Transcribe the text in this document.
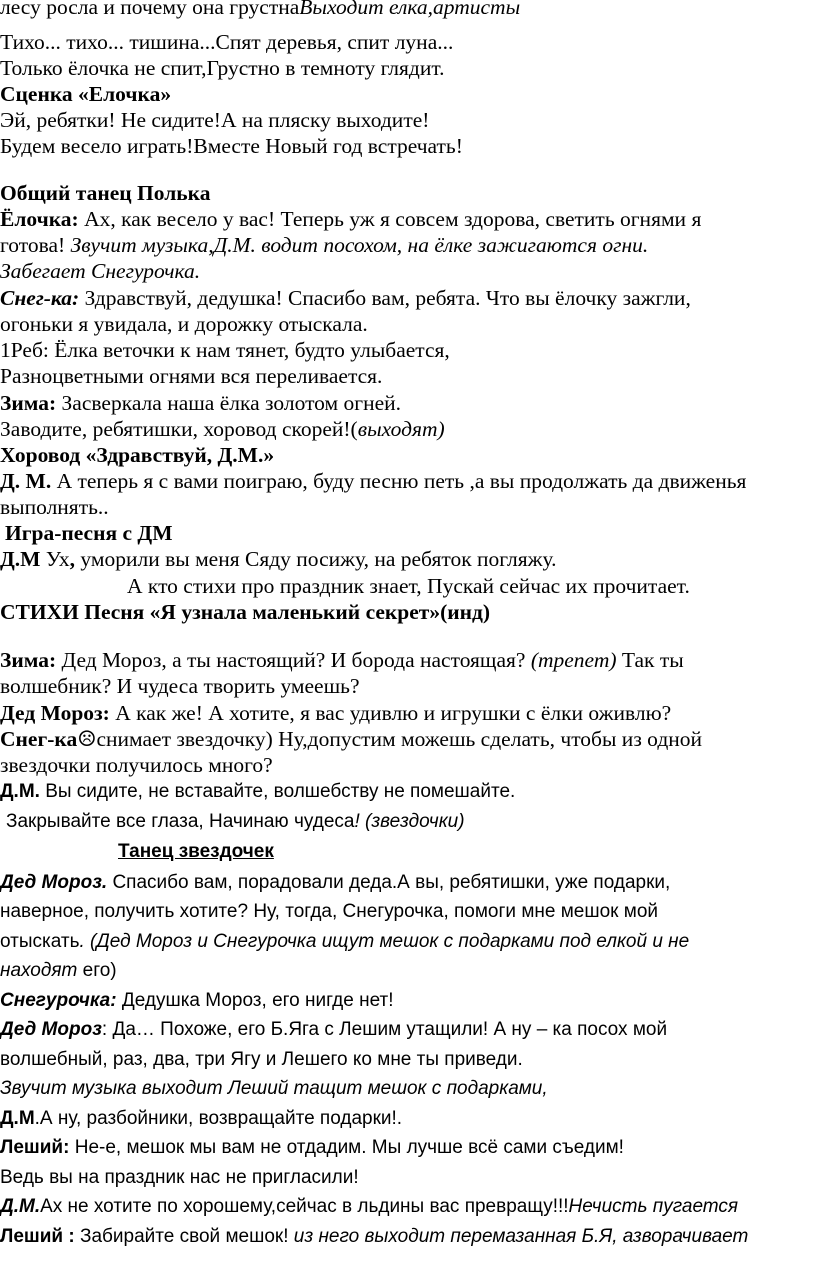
лесу росла и почему она грустнаВыходит елка,артисты
Тихо... тихо... тишина...Спят деревья, спит луна...
Только ёлочка не спит,Грустно в темноту глядит.
Сценка «Елочка»
Эй, ребятки! Не сидите!А на пляску выходите!
Будем весело играть!Вместе Новый год встречать!
Общий танец Полька
Ёлочка: Ах, как весело у вас! Теперь уж я совсем здорова, светить огнями я
готова! Звучит музыка,Д.М. водит посохом, на ёлке зажигаются огни.
Забегает Снегурочка.
Снег-ка: Здравствуй, дедушка! Спасибо вам, ребята. Что вы ёлочку зажгли,
огоньки я увидала, и дорожку отыскала.
1Реб: Ёлка веточки к нам тянет, будто улыбается,
Разноцветными огнями вся переливается.
Зима: Засверкала наша ёлка золотом огней.
Заводите, ребятишки, хоровод скорей!(выходят)
Хоровод «Здравствуй, Д.М.»
Д. М. А теперь я с вами поиграю, буду песню петь ,а вы продолжать да движенья
выполнять..
Игра-песня с ДМ
Д.М Ух, уморили вы меня Сяду посижу, на ребяток погляжу.
А кто стихи про праздник знает, Пускай сейчас их прочитает.
СТИХИ Песня «Я узнала маленький секрет»(инд)
Зима: Дед Мороз, а ты настоящий? И борода настоящая? (трепет) Так ты
волшебник? И чудеса творить умеешь?
Дед Мороз: А как же! А хотите, я вас удивлю и игрушки с ёлки оживлю?
Снег-ка☹снимает звездочку) Ну,допустим можешь сделать, чтобы из одной
звездочки получилось много?
Д.М. Вы сидите, не вставайте, волшебству не помешайте.
Закрывайте все глаза, Начинаю чудеса! (звездочки)
Танец звездочек
Дед Мороз. Спасибо вам, порадовали деда.А вы, ребятишки, уже подарки,
наверное, получить хотите? Ну, тогда, Снегурочка, помоги мне мешок мой
отыскать. (Дед Мороз и Снегурочка ищут мешок с подарками под елкой и не
находят его)
Снегурочка: Дедушка Мороз, его нигде нет!
Дед Мороз: Да… Похоже, его Б.Яга с Лешим утащили! А ну – ка посох мой
волшебный, раз, два, три Ягу и Лешего ко мне ты приведи.
Звучит музыка выходит Леший тащит мешок с подарками,
Д.М.А ну, разбойники, возвращайте подарки!.
Леший: Не-е, мешок мы вам не отдадим. Мы лучше всё сами съедим!
Ведь вы на праздник нас не пригласили!
Д.М.Ах не хотите по хорошему,сейчас в льдины вас превращу!!!Нечисть пугается
Леший : Забирайте свой мешок! из него выходит перемазанная Б.Я, азворачивает
